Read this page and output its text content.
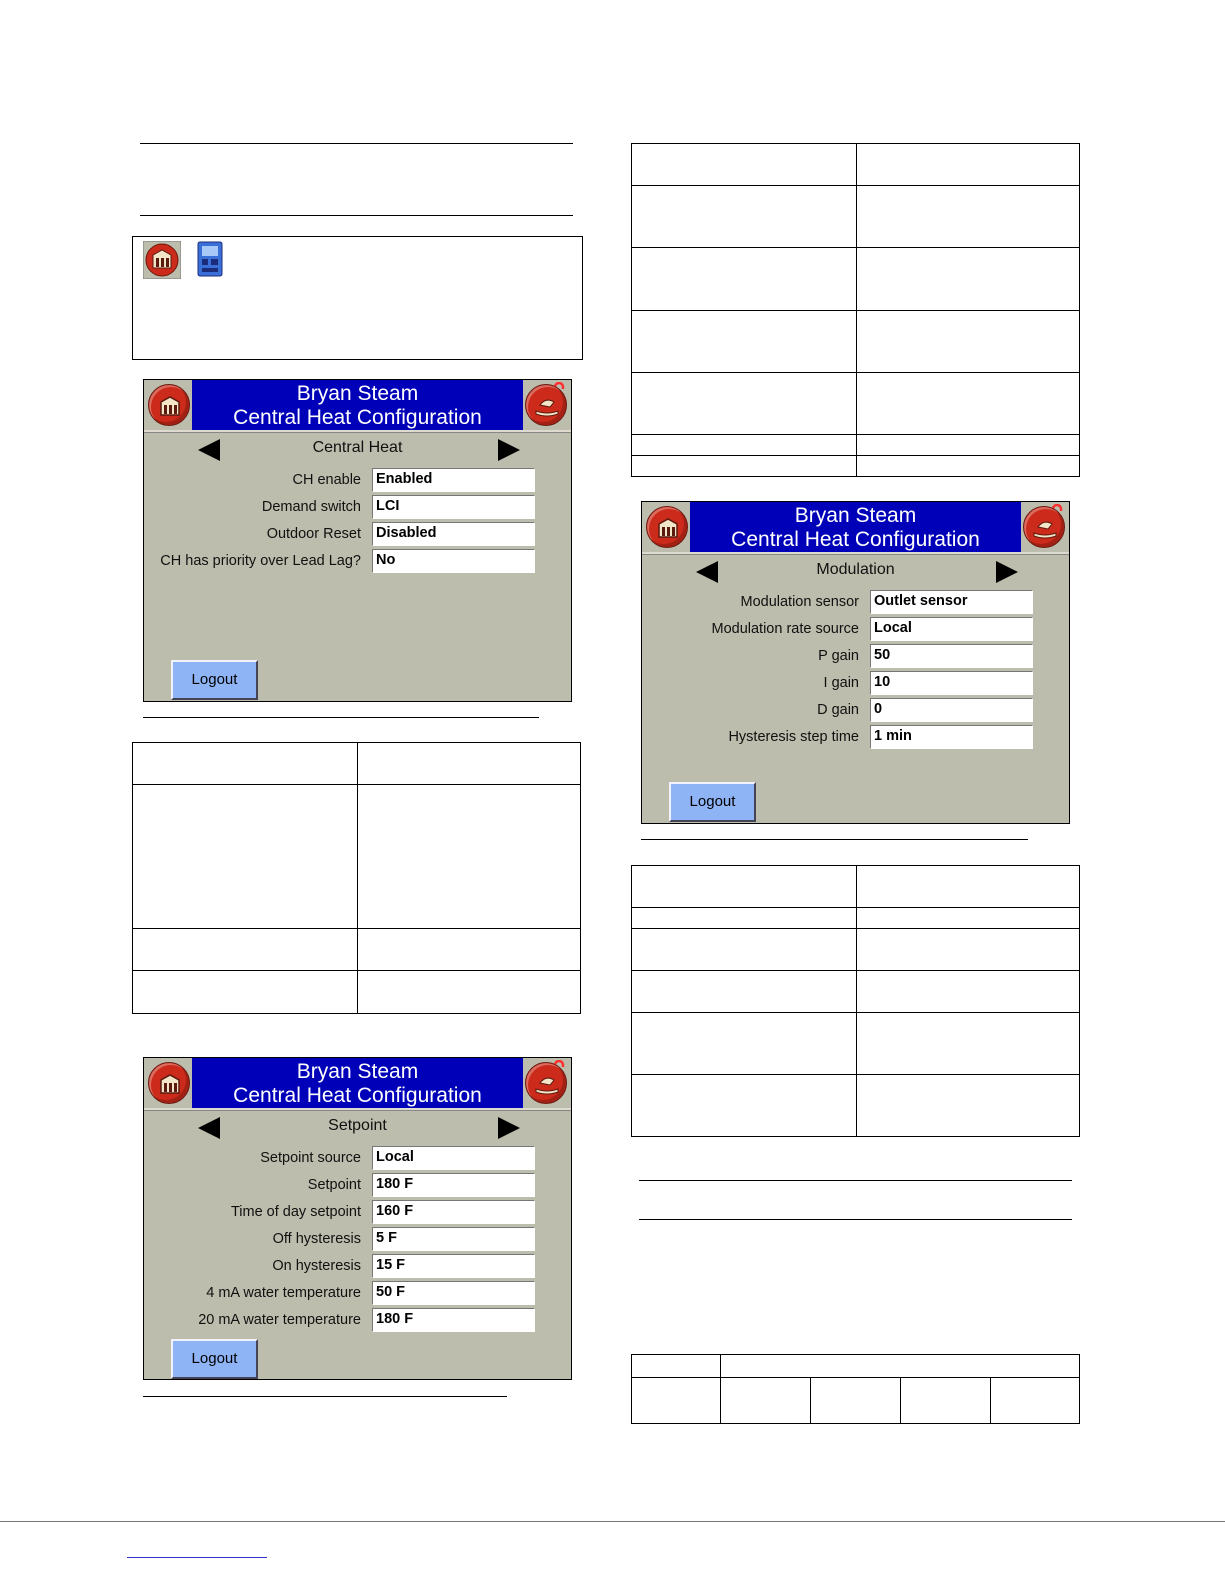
Bryan Steam
Central Heat Configuration
Central Heat
CH enable Enabled
Demand switch LCI
Outdoor Reset Disabled
CH has priority over Lead Lag? No
Logout

Bryan Steam
Central Heat Configuration
Setpoint
Setpoint source Local
Setpoint 180 F
Time of day setpoint 160 F
Off hysteresis 5 F
On hysteresis 15 F
4 mA water temperature 50 F
20 mA water temperature 180 F
Logout

Bryan Steam
Central Heat Configuration
Modulation
Modulation sensor Outlet sensor
Modulation rate source Local
P gain 50
I gain 10
D gain 0
Hysteresis step time 1 min
Logout
